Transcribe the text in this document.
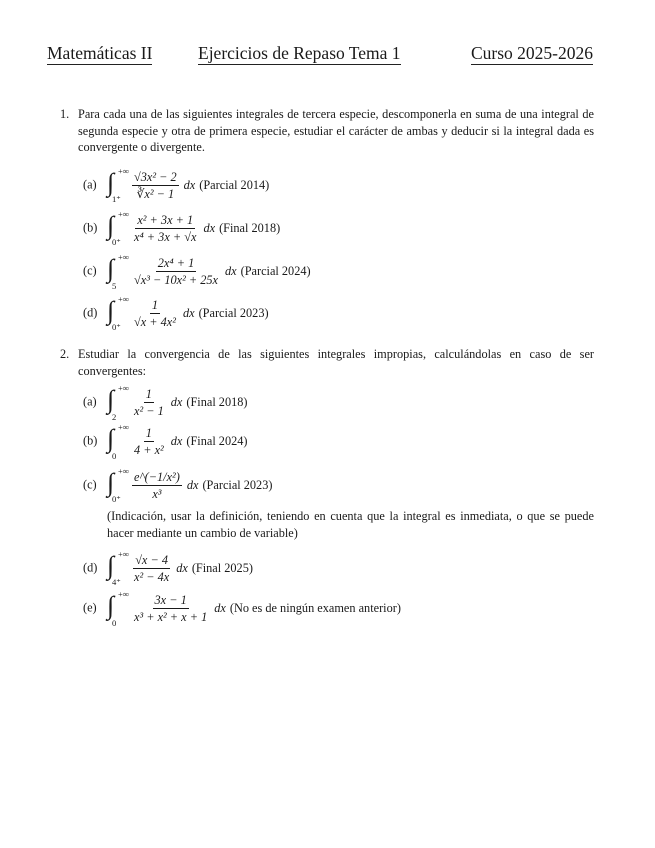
Matemáticas II	Ejercicios de Repaso Tema 1	Curso 2025-2026
1. Para cada una de las siguientes integrales de tercera especie, descomponerla en suma de una integral de segunda especie y otra de primera especie, estudiar el carácter de ambas y deducir si la integral dada es convergente o divergente.
(a) ∫ +∞
$1^+ \frac{\text{√3x² − 2}}{\text{∛x² − 1}}$ dx (Parcial 2014)
(b) ∫ +∞
$0^+ \frac{\text{x² + 3x + 1}}{\text{x⁴ + 3x + √x}}$ dx (Final 2018)
(c) ∫ +∞
$5 \frac{\text{2x⁴ + 1}}{\text{√x³ − 10x² + 25x}}$ dx (Parcial 2024)
(d) ∫ +∞
$0^+ \frac{1}{\text{√x + 4x²}}$ dx (Parcial 2023)
2. Estudiar la convergencia de las siguientes integrales impropias, calculándolas en caso de ser convergentes:
(a) ∫ +∞
$2 \frac{1}{\text{x² − 1}}$ dx (Final 2018)
(b) ∫ +∞
$0 \frac{1}{\text{4 + x²}}$ dx (Final 2024)
(c) ∫ +∞
$0^+ \frac{\text{e\textasciicircum{}(−1/x²)}}{\text{x³}}$ dx (Parcial 2023)
(Indicación, usar la definición, teniendo en cuenta que la integral es inmediata, o que se puede hacer mediante un cambio de variable)
(d) ∫ +∞
$4^+ \frac{√x - 4}{\text{x² − 4x}}$ dx (Final 2025)
(e) ∫ +∞
$0 \frac{3x - 1}{\text{x³ + x² + x + 1}}$ dx (No es de ningún examen anterior)
